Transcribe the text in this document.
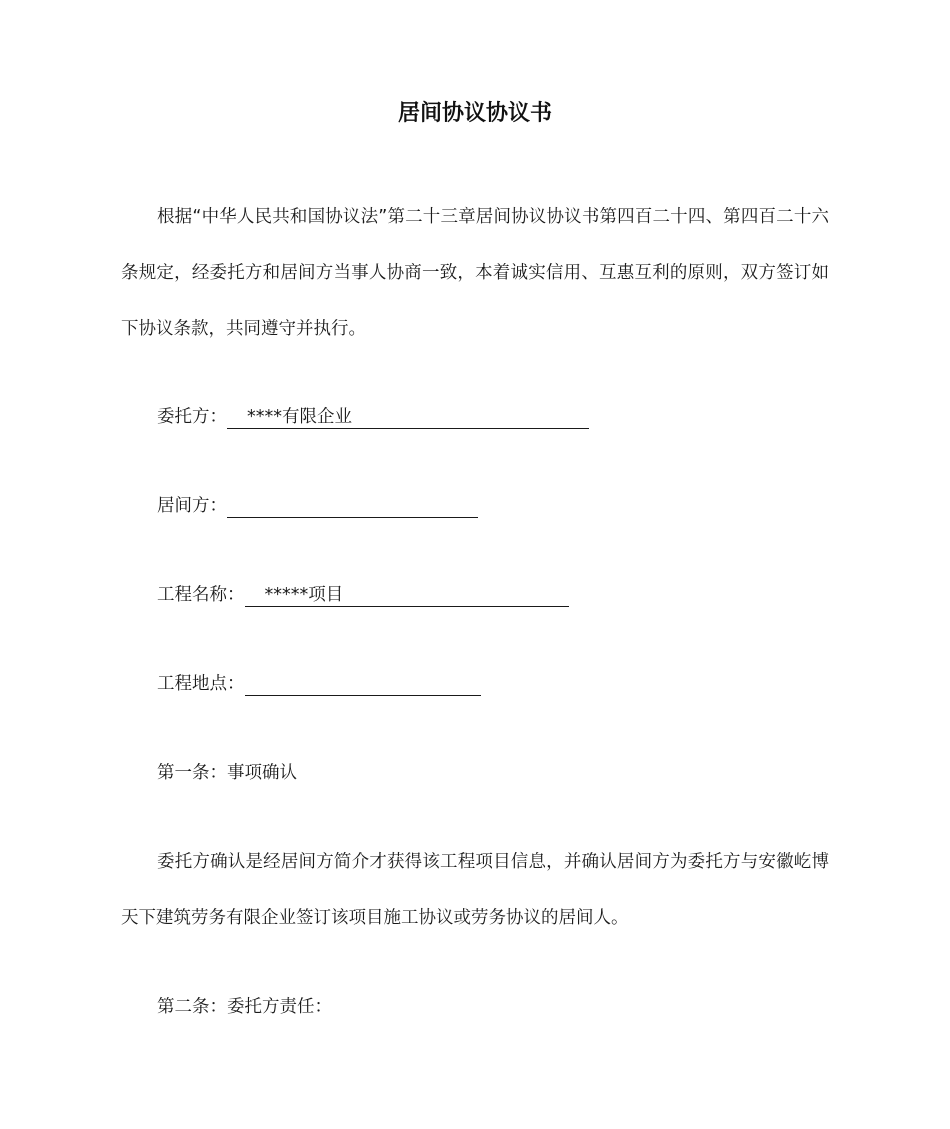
居间协议协议书

根据“中华人民共和国协议法”第二十三章居间协议协议书第四百二十四、第四百二十六条规定，经委托方和居间方当事人协商一致，本着诚实信用、互惠互利的原则，双方签订如下协议条款，共同遵守并执行。

委托方： ****有限企业
居间方：
工程名称： *****项目
工程地点：
第一条：事项确认

委托方确认是经居间方简介才获得该工程项目信息，并确认居间方为委托方与安徽屹博天下建筑劳务有限企业签订该项目施工协议或劳务协议的居间人。

第二条：委托方责任：
